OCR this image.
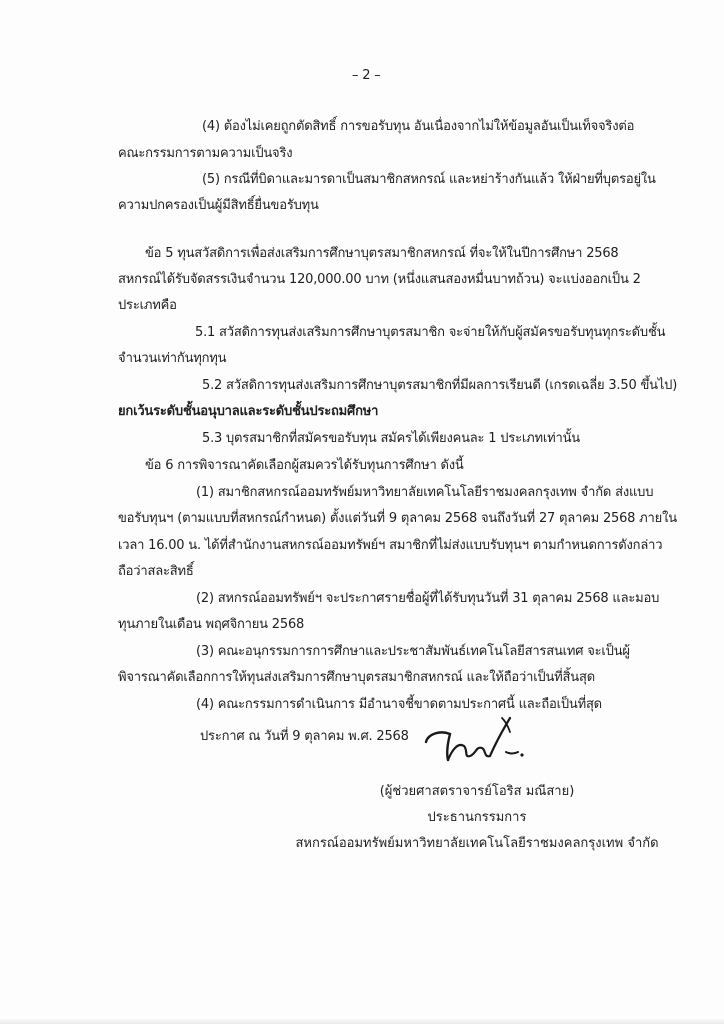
– 2 –
(4) ต้องไม่เคยถูกตัดสิทธิ์ การขอรับทุน อันเนื่องจากไม่ให้ข้อมูลอันเป็นเท็จจริงต่อ
คณะกรรมการตามความเป็นจริง
(5) กรณีที่บิดาและมารดาเป็นสมาชิกสหกรณ์ และหย่าร้างกันแล้ว ให้ฝ่ายที่บุตรอยู่ใน
ความปกครองเป็นผู้มีสิทธิ์ยื่นขอรับทุน
ข้อ 5 ทุนสวัสดิการเพื่อส่งเสริมการศึกษาบุตรสมาชิกสหกรณ์ ที่จะให้ในปีการศึกษา 2568
สหกรณ์ได้รับจัดสรรเงินจำนวน 120,000.00 บาท (หนึ่งแสนสองหมื่นบาทถ้วน) จะแบ่งออกเป็น 2
ประเภทคือ
5.1 สวัสดิการทุนส่งเสริมการศึกษาบุตรสมาชิก จะจ่ายให้กับผู้สมัครขอรับทุนทุกระดับชั้น
จำนวนเท่ากันทุกทุน
5.2 สวัสดิการทุนส่งเสริมการศึกษาบุตรสมาชิกที่มีผลการเรียนดี (เกรดเฉลี่ย 3.50 ขึ้นไป)
ยกเว้นระดับชั้นอนุบาลและระดับชั้นประถมศึกษา
5.3 บุตรสมาชิกที่สมัครขอรับทุน สมัครได้เพียงคนละ 1 ประเภทเท่านั้น
ข้อ 6 การพิจารณาคัดเลือกผู้สมควรได้รับทุนการศึกษา ดังนี้
(1) สมาชิกสหกรณ์ออมทรัพย์มหาวิทยาลัยเทคโนโลยีราชมงคลกรุงเทพ จำกัด ส่งแบบ
ขอรับทุนฯ (ตามแบบที่สหกรณ์กำหนด) ตั้งแต่วันที่ 9 ตุลาคม 2568 จนถึงวันที่ 27 ตุลาคม 2568 ภายใน
เวลา 16.00 น. ได้ที่สำนักงานสหกรณ์ออมทรัพย์ฯ สมาชิกที่ไม่ส่งแบบรับทุนฯ ตามกำหนดการดังกล่าว
ถือว่าสละสิทธิ์
(2) สหกรณ์ออมทรัพย์ฯ จะประกาศรายชื่อผู้ที่ได้รับทุนวันที่ 31 ตุลาคม 2568 และมอบ
ทุนภายในเดือน พฤศจิกายน 2568
(3) คณะอนุกรรมการการศึกษาและประชาสัมพันธ์เทคโนโลยีสารสนเทศ จะเป็นผู้
พิจารณาคัดเลือกการให้ทุนส่งเสริมการศึกษาบุตรสมาชิกสหกรณ์ และให้ถือว่าเป็นที่สิ้นสุด
(4) คณะกรรมการดำเนินการ มีอำนาจชี้ขาดตามประกาศนี้ และถือเป็นที่สุด
ประกาศ ณ วันที่ 9 ตุลาคม พ.ศ. 2568
(ผู้ช่วยศาสตราจารย์โอริส มณีสาย)
ประธานกรรมการ
สหกรณ์ออมทรัพย์มหาวิทยาลัยเทคโนโลยีราชมงคลกรุงเทพ จำกัด
